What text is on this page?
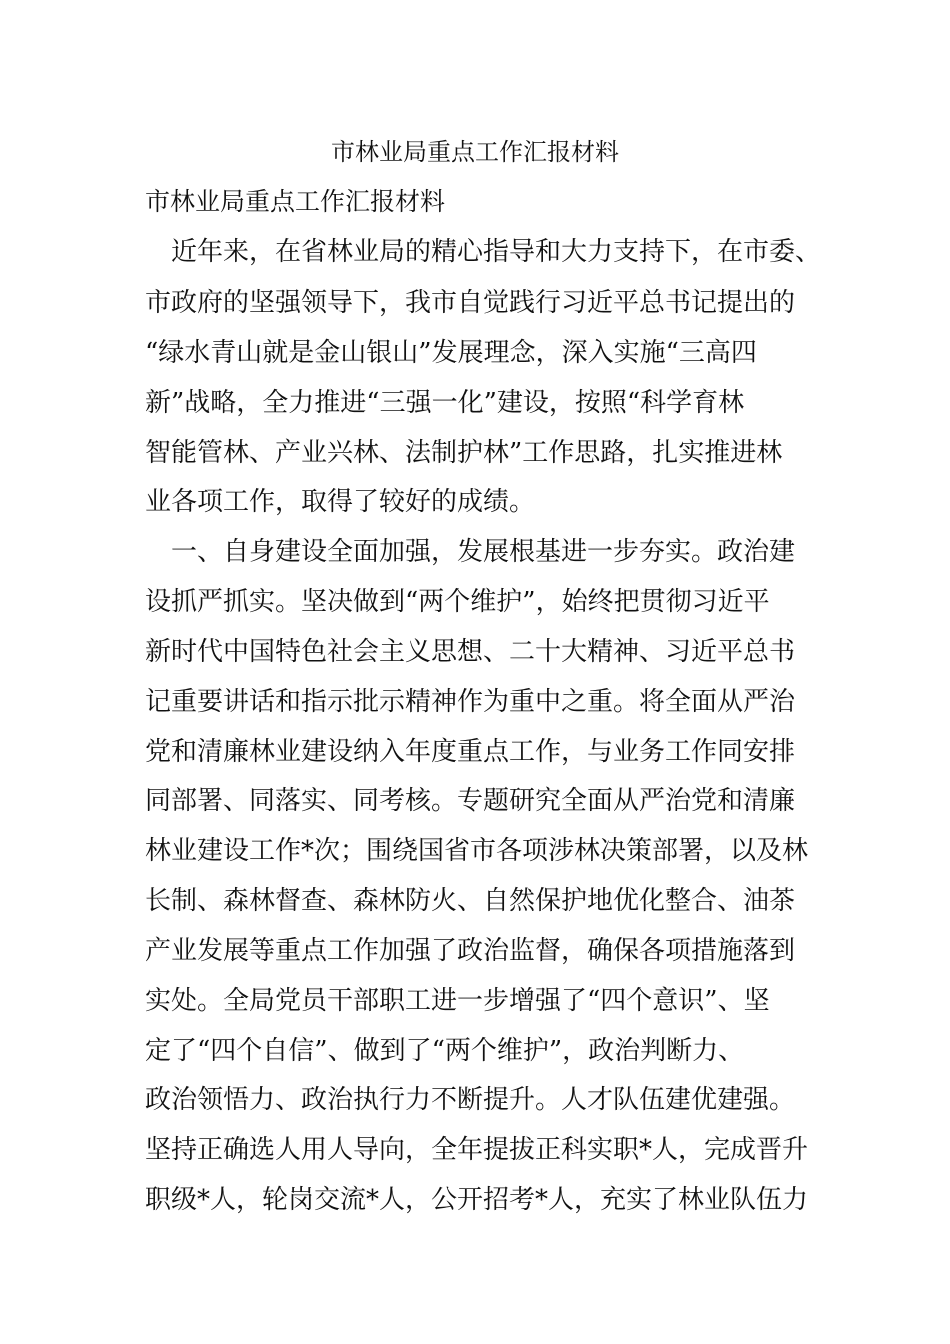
市林业局重点工作汇报材料

市林业局重点工作汇报材料

　近年来，在省林业局的精心指导和大力支持下，在市委、

市政府的坚强领导下，我市自觉践行习近平总书记提出的

“绿水青山就是金山银山”发展理念，深入实施“三高四

新”战略，全力推进“三强一化”建设，按照“科学育林

智能管林、产业兴林、法制护林”工作思路，扎实推进林

业各项工作，取得了较好的成绩。

　一、自身建设全面加强，发展根基进一步夯实。政治建

设抓严抓实。坚决做到“两个维护”，始终把贯彻习近平

新时代中国特色社会主义思想、二十大精神、习近平总书

记重要讲话和指示批示精神作为重中之重。将全面从严治

党和清廉林业建设纳入年度重点工作，与业务工作同安排

同部署、同落实、同考核。专题研究全面从严治党和清廉

林业建设工作*次；围绕国省市各项涉林决策部署，以及林

长制、森林督查、森林防火、自然保护地优化整合、油茶

产业发展等重点工作加强了政治监督，确保各项措施落到

实处。全局党员干部职工进一步增强了“四个意识”、坚

定了“四个自信”、做到了“两个维护”，政治判断力、

政治领悟力、政治执行力不断提升。人才队伍建优建强。

坚持正确选人用人导向，全年提拔正科实职*人，完成晋升

职级*人，轮岗交流*人，公开招考*人，充实了林业队伍力
